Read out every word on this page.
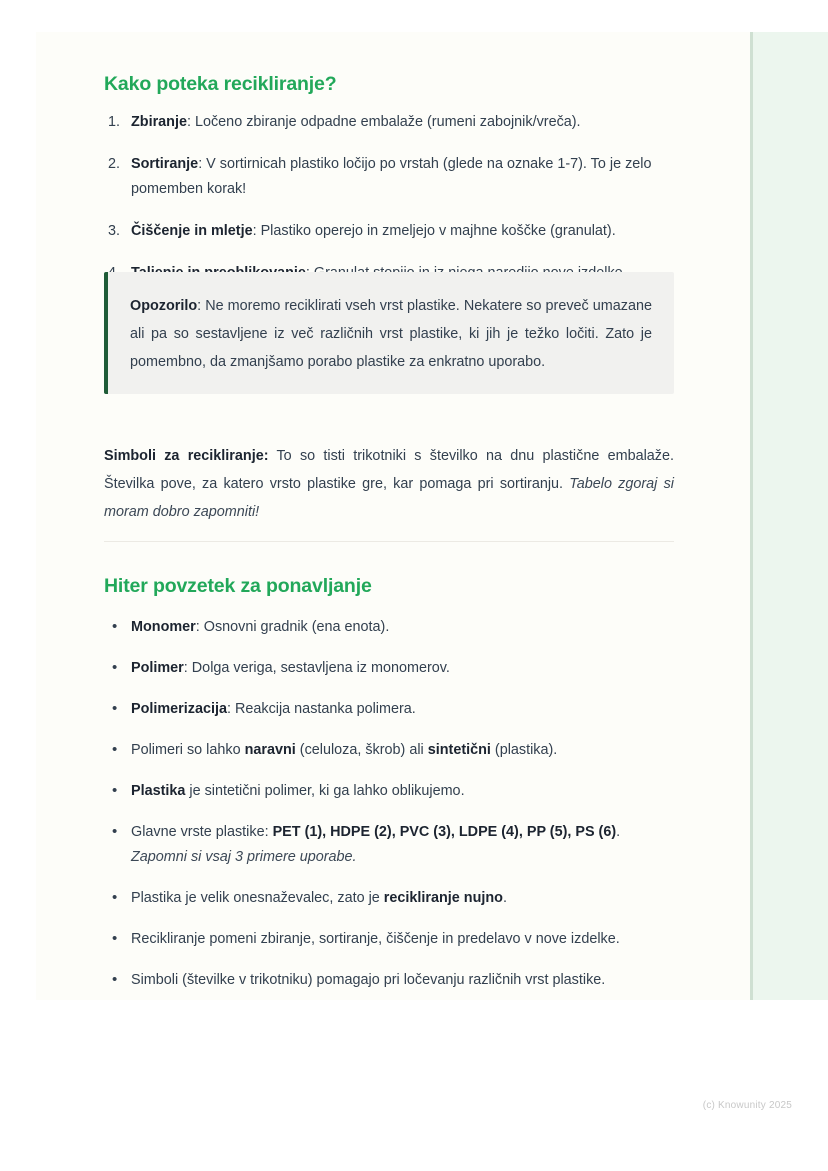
Kako poteka recikliranje?
1. Zbiranje: Ločeno zbiranje odpadne embalaže (rumeni zabojnik/vreča).
2. Sortiranje: V sortirnicah plastiko ločijo po vrstah (glede na oznake 1-7). To je zelo pomemben korak!
3. Čiščenje in mletje: Plastiko operejo in zmeljejo v majhne koščke (granulat).

Opozorilo: Ne moremo reciklirati vseh vrst plastike. Nekatere so preveč umazane ali pa so sestavljene iz več različnih vrst plastike, ki jih je težko ločiti. Zato je pomembno, da zmanjšamo porabo plastike za enkratno uporabo.

Simboli za recikliranje: To so tisti trikotniki s številko na dnu plastične embalaže. Številka pove, za katero vrsto plastike gre, kar pomaga pri sortiranju. Tabelo zgoraj si moram dobro zapomniti!

Hiter povzetek za ponavljanje
• Monomer: Osnovni gradnik (ena enota).
• Polimer: Dolga veriga, sestavljena iz monomerov.
• Polimerizacija: Reakcija nastanka polimera.
• Polimeri so lahko naravni (celuloza, škrob) ali sintetični (plastika).
• Plastika je sintetični polimer, ki ga lahko oblikujemo.
• Glavne vrste plastike: PET (1), HDPE (2), PVC (3), LDPE (4), PP (5), PS (6). Zapomni si vsaj 3 primere uporabe.
• Plastika je velik onesnaževalec, zato je recikliranje nujno.
• Recikliranje pomeni zbiranje, sortiranje, čiščenje in predelavo v nove izdelke.
• Simboli (številke v trikotniku) pomagajo pri ločevanju različnih vrst plastike.
(c) Knowunity 2025
